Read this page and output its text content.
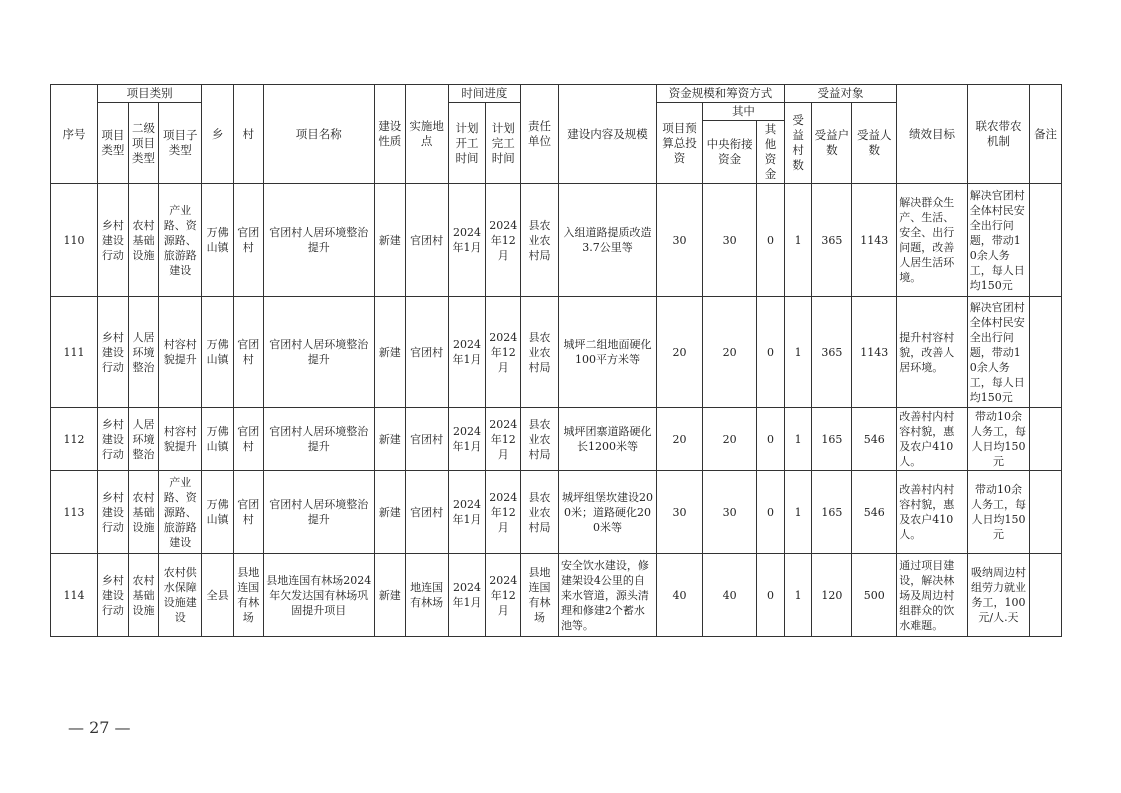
序号	项目类别			乡	村	项目名称	建设性质	实施地点	时间进度		责任单位	建设内容及规模	资金规模和筹资方式			受益对象			绩效目标	联农带农机制	备注
	项目类型	二级项目类型	项目子类型						计划开工时间	计划完工时间			项目预算总投资	其中		受益村数	受益户数	受益人数			
														中央衔接资金	其他资金						
110	乡村建设行动	农村基础设施	产业路、资源路、旅游路建设	万佛山镇	官团村	官团村人居环境整治提升	新建	官团村	2024年1月	2024年12月	县农业农村局	入组道路提质改造3.7公里等	30	30	0	1	365	1143	解决群众生产、生活、安全、出行问题，改善人居生活环境。	解决官团村全体村民安全出行问题，带动10余人务工，每人日均150元	
111	乡村建设行动	人居环境整治	村容村貌提升	万佛山镇	官团村	官团村人居环境整治提升	新建	官团村	2024年1月	2024年12月	县农业农村局	城坪二组地面硬化100平方米等	20	20	0	1	365	1143	提升村容村貌，改善人居环境。	解决官团村全体村民安全出行问题，带动10余人务工，每人日均150元	
112	乡村建设行动	人居环境整治	村容村貌提升	万佛山镇	官团村	官团村人居环境整治提升	新建	官团村	2024年1月	2024年12月	县农业农村局	城坪团寨道路硬化长1200米等	20	20	0	1	165	546	改善村内村容村貌，惠及农户410人。	带动10余人务工，每人日均150元	
113	乡村建设行动	农村基础设施	产业路、资源路、旅游路建设	万佛山镇	官团村	官团村人居环境整治提升	新建	官团村	2024年1月	2024年12月	县农业农村局	城坪组堡坎建设200米；道路硬化200米等	30	30	0	1	165	546	改善村内村容村貌，惠及农户410人。	带动10余人务工，每人日均150元	
114	乡村建设行动	农村基础设施	农村供水保障设施建设	全县	县地连国有林场	县地连国有林场2024年欠发达国有林场巩固提升项目	新建	地连国有林场	2024年1月	2024年12月	县地连国有林场	安全饮水建设，修建架设4公里的自来水管道，源头清理和修建2个蓄水池等。	40	40	0	1	120	500	通过项目建设，解决林场及周边村组群众的饮水难题。	吸纳周边村组劳力就业务工，100元/人.天	
— 27 —
